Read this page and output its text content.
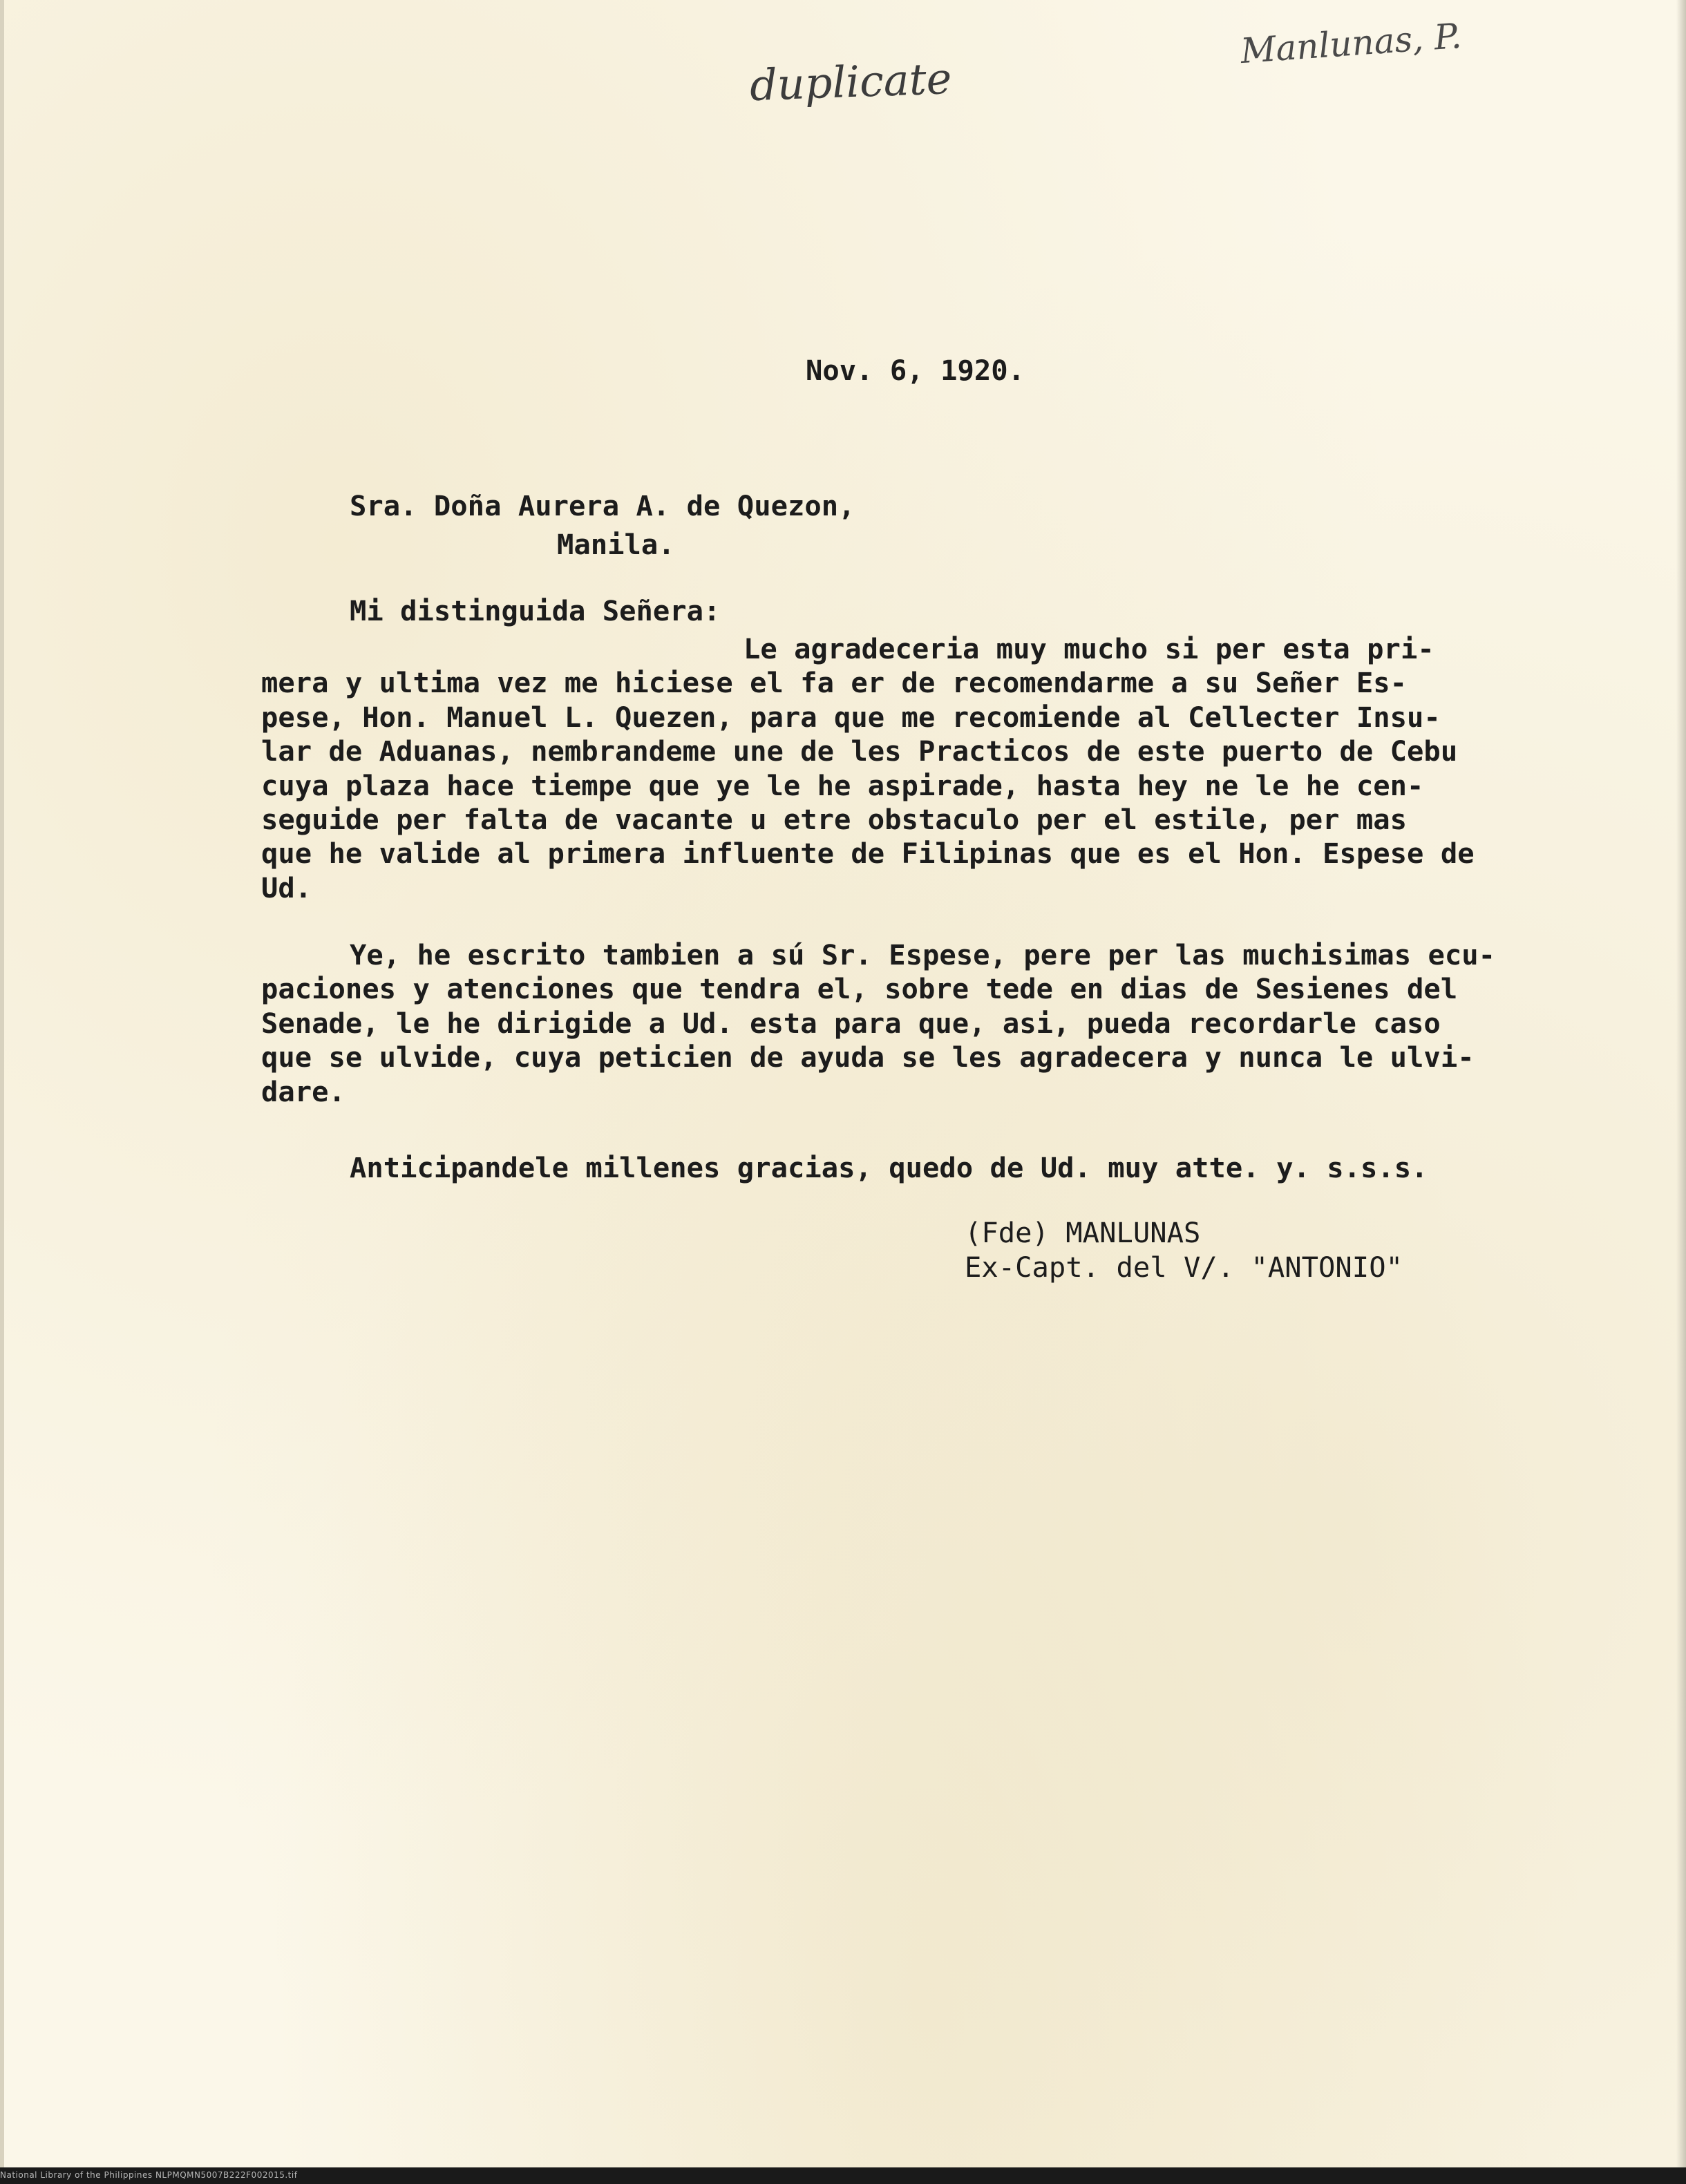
duplicate
Manlunas, P.
Nov. 6, 1920.
Sra. Doña Aurera A. de Quezon,
Manila.
Mi distinguida Señera:
Le agradeceria muy mucho si per esta pri-
mera y ultima vez me hiciese el fa er de recomendarme a su Señer Es-
pese, Hon. Manuel L. Quezen, para que me recomiende al Cellecter Insu-
lar de Aduanas, nembrandeme une de les Practicos de este puerto de Cebu
cuya plaza hace tiempe que ye le he aspirade, hasta hey ne le he cen-
seguide per falta de vacante u etre obstaculo per el estile, per mas
que he valide al primera influente de Filipinas que es el Hon. Espese de
Ud.
Ye, he escrito tambien a sú Sr. Espese, pere per las muchisimas ecu-
paciones y atenciones que tendra el, sobre tede en dias de Sesienes del
Senade, le he dirigide a Ud. esta para que, asi, pueda recordarle caso
que se ulvide, cuya peticien de ayuda se les agradecera y nunca le ulvi-
dare.
Anticipandele millenes gracias, quedo de Ud. muy atte. y. s.s.s.
(Fde) MANLUNAS
Ex-Capt. del V/. "ANTONIO"
National Library of the Philippines NLPMQMN5007B222F002015.tif
